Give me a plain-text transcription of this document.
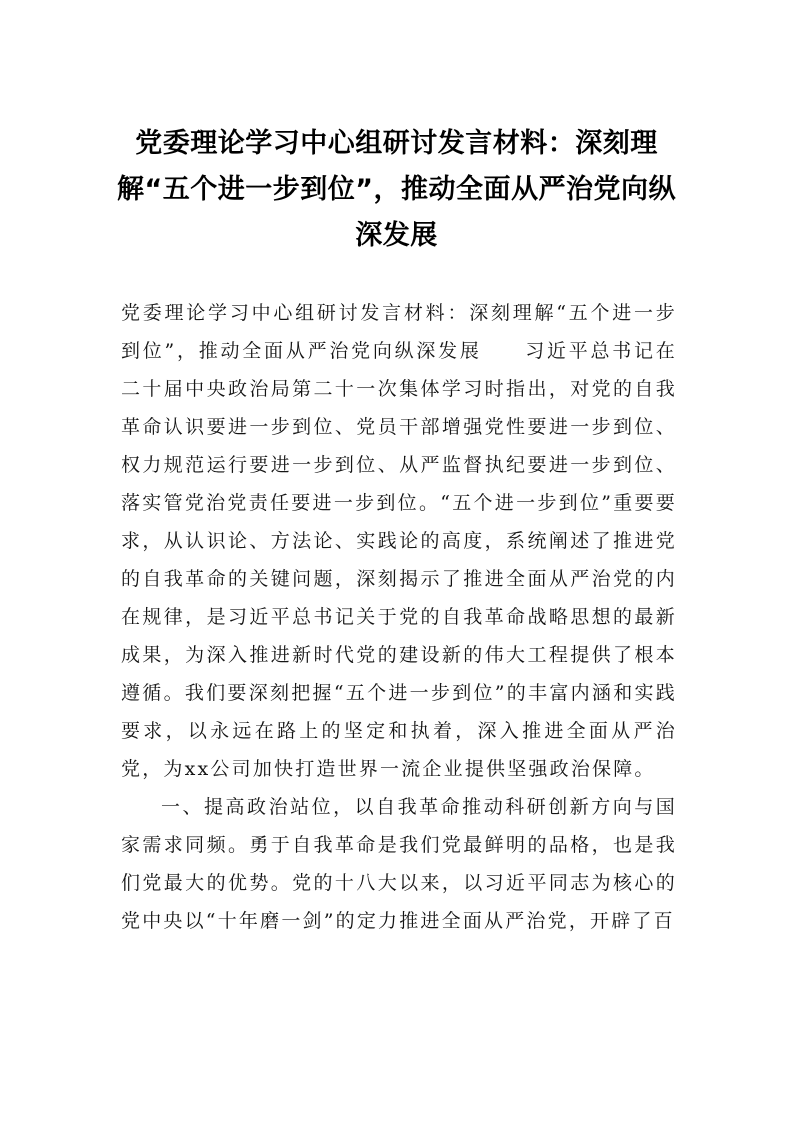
党委理论学习中心组研讨发言材料：深刻理解“五个进一步到位”，推动全面从严治党向纵深发展

党委理论学习中心组研讨发言材料：深刻理解“五个进一步到位”，推动全面从严治党向纵深发展　　习近平总书记在二十届中央政治局第二十一次集体学习时指出，对党的自我革命认识要进一步到位、党员干部增强党性要进一步到位、权力规范运行要进一步到位、从严监督执纪要进一步到位、落实管党治党责任要进一步到位。“五个进一步到位”重要要求，从认识论、方法论、实践论的高度，系统阐述了推进党的自我革命的关键问题，深刻揭示了推进全面从严治党的内在规律，是习近平总书记关于党的自我革命战略思想的最新成果，为深入推进新时代党的建设新的伟大工程提供了根本遵循。我们要深刻把握“五个进一步到位”的丰富内涵和实践要求，以永远在路上的坚定和执着，深入推进全面从严治党，为xx公司加快打造世界一流企业提供坚强政治保障。

一、提高政治站位，以自我革命推动科研创新方向与国家需求同频。勇于自我革命是我们党最鲜明的品格，也是我们党最大的优势。党的十八大以来，以习近平同志为核心的党中央以“十年磨一剑”的定力推进全面从严治党，开辟了百
